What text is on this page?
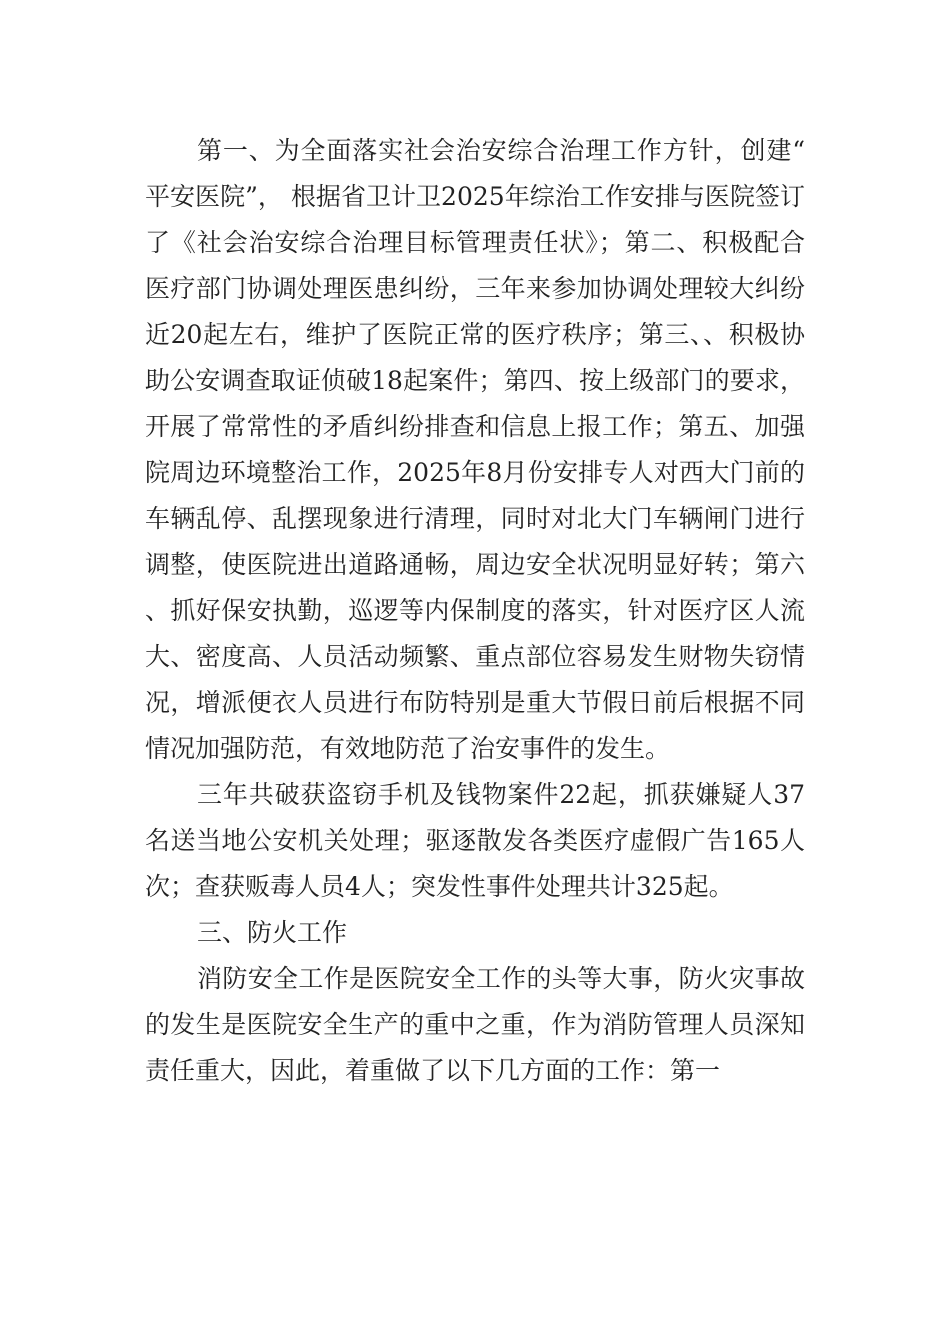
第一、为全面落实社会治安综合治理工作方针，创建“平安医院”， 根据省卫计卫2025年综治工作安排与医院签订了《社会治安综合治理目标管理责任状》；第二、积极配合医疗部门协调处理医患纠纷，三年来参加协调处理较大纠纷近20起左右，维护了医院正常的医疗秩序；第三、、积极协助公安调查取证侦破18起案件；第四、按上级部门的要求，开展了常常性的矛盾纠纷排查和信息上报工作；第五、加强院周边环境整治工作，2025年8月份安排专人对西大门前的车辆乱停、乱摆现象进行清理，同时对北大门车辆闸门进行调整，使医院进出道路通畅，周边安全状况明显好转；第六、抓好保安执勤，巡逻等内保制度的落实，针对医疗区人流大、密度高、人员活动频繁、重点部位容易发生财物失窃情况，增派便衣人员进行布防特别是重大节假日前后根据不同情况加强防范，有效地防范了治安事件的发生。

三年共破获盗窃手机及钱物案件22起，抓获嫌疑人37名送当地公安机关处理；驱逐散发各类医疗虚假广告165人次；查获贩毒人员4人；突发性事件处理共计325起。

三、防火工作

消防安全工作是医院安全工作的头等大事，防火灾事故的发生是医院安全生产的重中之重，作为消防管理人员深知责任重大，因此，着重做了以下几方面的工作：第一
